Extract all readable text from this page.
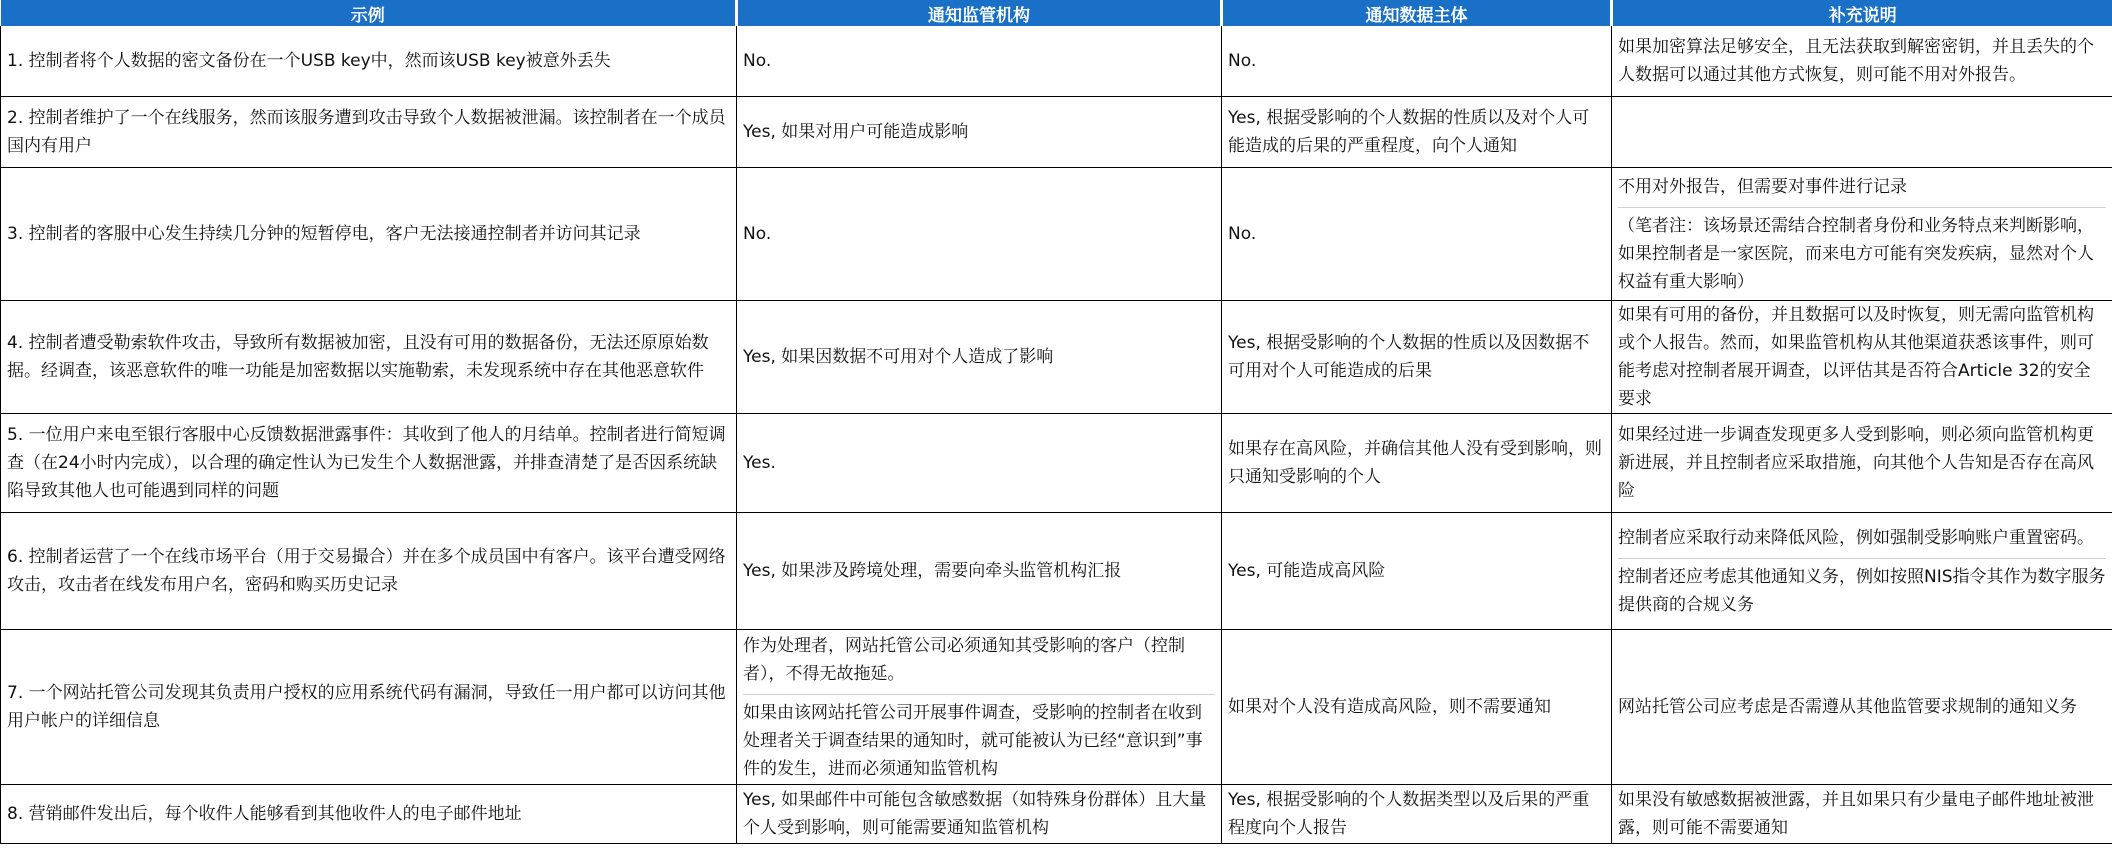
示例	通知监管机构	通知数据主体	补充说明
1. 控制者将个人数据的密文备份在一个USB key中，然而该USB key被意外丢失	No.	No.	如果加密算法足够安全，且无法获取到解密密钥，并且丢失的个人数据可以通过其他方式恢复，则可能不用对外报告。

2. 控制者维护了一个在线服务，然而该服务遭到攻击导致个人数据被泄漏。该控制者在一个成员国内有用户	Yes, 如果对用户可能造成影响	Yes, 根据受影响的个人数据的性质以及对个人可能造成的后果的严重程度，向个人通知	

3. 控制者的客服中心发生持续几分钟的短暂停电，客户无法接通控制者并访问其记录	No.	No.	不用对外报告，但需要对事件进行记录
（笔者注：该场景还需结合控制者身份和业务特点来判断影响，如果控制者是一家医院，而来电方可能有突发疾病，显然对个人权益有重大影响）

4. 控制者遭受勒索软件攻击，导致所有数据被加密，且没有可用的数据备份，无法还原原始数据。经调查，该恶意软件的唯一功能是加密数据以实施勒索，未发现系统中存在其他恶意软件	Yes, 如果因数据不可用对个人造成了影响	Yes, 根据受影响的个人数据的性质以及因数据不可用对个人可能造成的后果	如果有可用的备份，并且数据可以及时恢复，则无需向监管机构或个人报告。然而，如果监管机构从其他渠道获悉该事件，则可能考虑对控制者展开调查，以评估其是否符合Article 32的安全要求

5. 一位用户来电至银行客服中心反馈数据泄露事件：其收到了他人的月结单。控制者进行简短调查（在24小时内完成），以合理的确定性认为已发生个人数据泄露，并排查清楚了是否因系统缺陷导致其他人也可能遇到同样的问题	Yes.	如果存在高风险，并确信其他人没有受到影响，则只通知受影响的个人	如果经过进一步调查发现更多人受到影响，则必须向监管机构更新进展，并且控制者应采取措施，向其他个人告知是否存在高风险

6. 控制者运营了一个在线市场平台（用于交易撮合）并在多个成员国中有客户。该平台遭受网络攻击，攻击者在线发布用户名，密码和购买历史记录	Yes, 如果涉及跨境处理，需要向牵头监管机构汇报	Yes, 可能造成高风险	控制者应采取行动来降低风险，例如强制受影响账户重置密码。
控制者还应考虑其他通知义务，例如按照NIS指令其作为数字服务提供商的合规义务

7. 一个网站托管公司发现其负责用户授权的应用系统代码有漏洞，导致任一用户都可以访问其他用户帐户的详细信息	作为处理者，网站托管公司必须通知其受影响的客户（控制者），不得无故拖延。
如果由该网站托管公司开展事件调查，受影响的控制者在收到处理者关于调查结果的通知时，就可能被认为已经“意识到”事件的发生，进而必须通知监管机构	如果对个人没有造成高风险，则不需要通知	网站托管公司应考虑是否需遵从其他监管要求规制的通知义务

8. 营销邮件发出后，每个收件人能够看到其他收件人的电子邮件地址	Yes, 如果邮件中可能包含敏感数据（如特殊身份群体）且大量个人受到影响，则可能需要通知监管机构	Yes, 根据受影响的个人数据类型以及后果的严重程度向个人报告	如果没有敏感数据被泄露，并且如果只有少量电子邮件地址被泄露，则可能不需要通知
